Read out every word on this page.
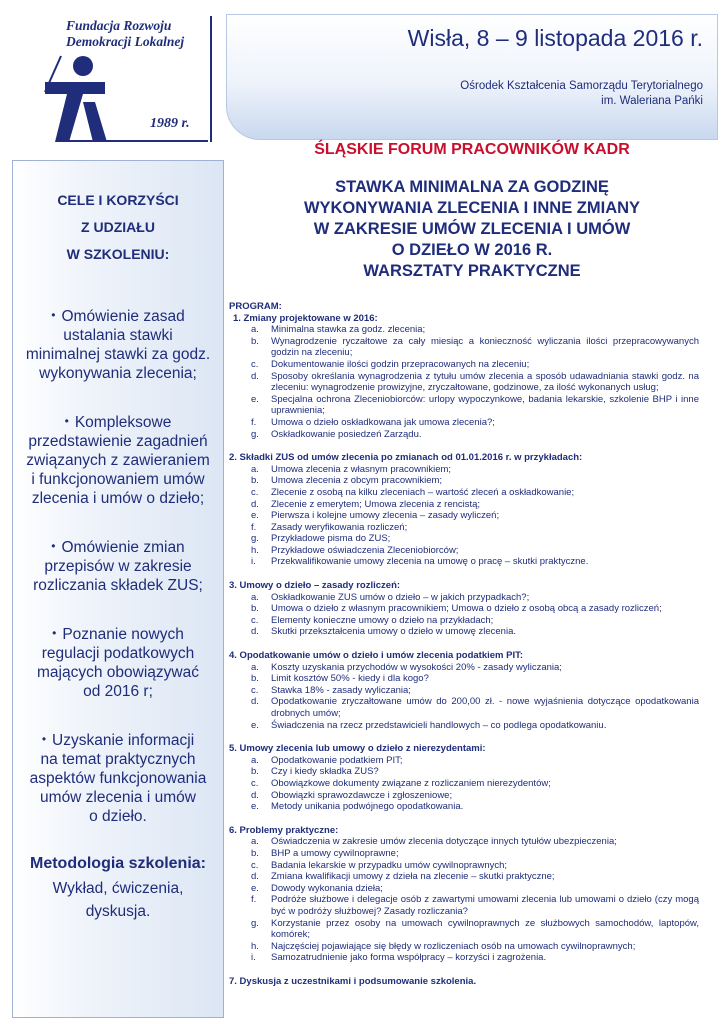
Fundacja Rozwoju
Demokracji Lokalnej
1989 r.
Wisła, 8 – 9 listopada 2016 r.
Ośrodek Kształcenia Samorządu Terytorialnego
im. Waleriana Pańki
ŚLĄSKIE FORUM PRACOWNIKÓW KADR
STAWKA MINIMALNA ZA GODZINĘ
WYKONYWANIA ZLECENIA I INNE ZMIANY
W ZAKRESIE UMÓW ZLECENIA I UMÓW
O DZIEŁO W 2016 R.
WARSZTATY PRAKTYCZNE
CELE I KORZYŚCI
Z UDZIAŁU
W SZKOLENIU:
• Omówienie zasad
ustalania stawki
minimalnej stawki za godz.
wykonywania zlecenia;
• Kompleksowe
przedstawienie zagadnień
związanych z zawieraniem
i funkcjonowaniem umów
zlecenia i umów o dzieło;
• Omówienie zmian
przepisów w zakresie
rozliczania składek ZUS;
• Poznanie nowych
regulacji podatkowych
mających obowiązywać
od 2016 r;
• Uzyskanie informacji
na temat praktycznych
aspektów funkcjonowania
umów zlecenia i umów
o dzieło.
Metodologia szkolenia:
Wykład, ćwiczenia,
dyskusja.
PROGRAM:
1. Zmiany projektowane w 2016:
a. Minimalna stawka za godz. zlecenia;
b. Wynagrodzenie ryczałtowe za cały miesiąc a konieczność wyliczania ilości przepracowywanych godzin na zleceniu;
c. Dokumentowanie ilości godzin przepracowanych na zleceniu;
d. Sposoby określania wynagrodzenia z tytułu umów zlecenia a sposób udawadniania stawki godz. na zleceniu: wynagrodzenie prowizyjne, zryczałtowane, godzinowe, za ilość wykonanych usług;
e. Specjalna ochrona Zleceniobiorców: urlopy wypoczynkowe, badania lekarskie, szkolenie BHP i inne uprawnienia;
f. Umowa o dzieło oskładkowana jak umowa zlecenia?;
g. Oskładkowanie posiedzeń Zarządu.
2. Składki ZUS od umów zlecenia po zmianach od 01.01.2016 r. w przykładach:
a. Umowa zlecenia z własnym pracownikiem;
b. Umowa zlecenia z obcym pracownikiem;
c. Zlecenie z osobą na kilku zleceniach – wartość zleceń a oskładkowanie;
d. Zlecenie z emerytem; Umowa zlecenia z rencistą;
e. Pierwsza i kolejne umowy zlecenia – zasady wyliczeń;
f. Zasady weryfikowania rozliczeń;
g. Przykładowe pisma do ZUS;
h. Przykładowe oświadczenia Zleceniobiorców;
i. Przekwalifikowanie umowy zlecenia na umowę o pracę – skutki praktyczne.
3. Umowy o dzieło – zasady rozliczeń:
a. Oskładkowanie ZUS umów o dzieło – w jakich przypadkach?;
b. Umowa o dzieło z własnym pracownikiem; Umowa o dzieło z osobą obcą a zasady rozliczeń;
c. Elementy konieczne umowy o dzieło na przykładach;
d. Skutki przekształcenia umowy o dzieło w umowę zlecenia.
4. Opodatkowanie umów o dzieło i umów zlecenia podatkiem PIT:
a. Koszty uzyskania przychodów w wysokości 20% - zasady wyliczania;
b. Limit kosztów 50% - kiedy i dla kogo?
c. Stawka 18% - zasady wyliczania;
d. Opodatkowanie zryczałtowane umów do 200,00 zł. - nowe wyjaśnienia dotyczące opodatkowania drobnych umów;
e. Świadczenia na rzecz przedstawicieli handlowych – co podlega opodatkowaniu.
5. Umowy zlecenia lub umowy o dzieło z nierezydentami:
a. Opodatkowanie podatkiem PIT;
b. Czy i kiedy składka ZUS?
c. Obowiązkowe dokumenty związane z rozliczaniem nierezydentów;
d. Obowiązki sprawozdawcze i zgłoszeniowe;
e. Metody unikania podwójnego opodatkowania.
6. Problemy praktyczne:
a. Oświadczenia w zakresie umów zlecenia dotyczące innych tytułów ubezpieczenia;
b. BHP a umowy cywilnoprawne;
c. Badania lekarskie w przypadku umów cywilnoprawnych;
d. Zmiana kwalifikacji umowy z dzieła na zlecenie – skutki praktyczne;
e. Dowody wykonania dzieła;
f. Podróże służbowe i delegacje osób z zawartymi umowami zlecenia lub umowami o dzieło (czy mogą być w podróży służbowej? Zasady rozliczania?
g. Korzystanie przez osoby na umowach cywilnoprawnych ze służbowych samochodów, laptopów, komórek;
h. Najczęściej pojawiające się błędy w rozliczeniach osób na umowach cywilnoprawnych;
i. Samozatrudnienie jako forma współpracy – korzyści i zagrożenia.
7. Dyskusja z uczestnikami i podsumowanie szkolenia.
